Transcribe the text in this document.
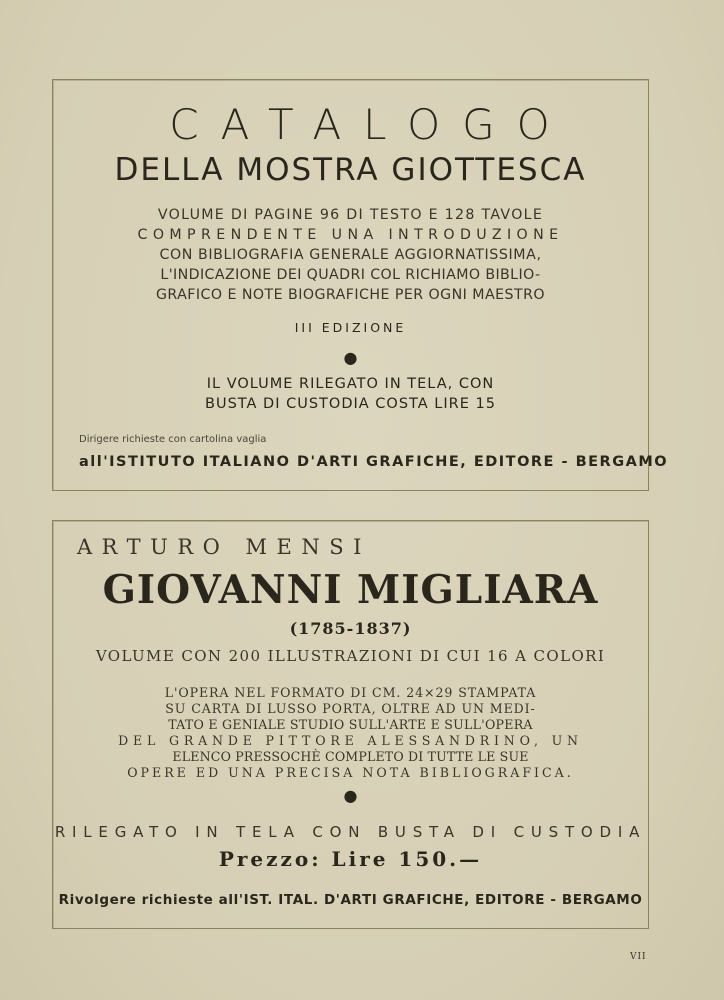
CATALOGO
DELLA MOSTRA GIOTTESCA
VOLUME DI PAGINE 96 DI TESTO E 128 TAVOLE
COMPRENDENTE UNA INTRODUZIONE
CON BIBLIOGRAFIA GENERALE AGGIORNATISSIMA,
L'INDICAZIONE DEI QUADRI COL RICHIAMO BIBLIO-
GRAFICO E NOTE BIOGRAFICHE PER OGNI MAESTRO
III EDIZIONE
●
IL VOLUME RILEGATO IN TELA, CON
BUSTA DI CUSTODIA COSTA LIRE 15
Dirigere richieste con cartolina vaglia
all'ISTITUTO ITALIANO D'ARTI GRAFICHE, EDITORE - BERGAMO
ARTURO MENSI
GIOVANNI MIGLIARA
(1785-1837)
VOLUME CON 200 ILLUSTRAZIONI DI CUI 16 A COLORI
L'OPERA NEL FORMATO DI CM. 24×29 STAMPATA
SU CARTA DI LUSSO PORTA, OLTRE AD UN MEDI-
TATO E GENIALE STUDIO SULL'ARTE E SULL'OPERA
DEL GRANDE PITTORE ALESSANDRINO, UN
ELENCO PRESSOCHÈ COMPLETO DI TUTTE LE SUE
OPERE ED UNA PRECISA NOTA BIBLIOGRAFICA.
●
RILEGATO IN TELA CON BUSTA DI CUSTODIA
Prezzo: Lire 150.—
Rivolgere richieste all'IST. ITAL. D'ARTI GRAFICHE, EDITORE - BERGAMO
VII
